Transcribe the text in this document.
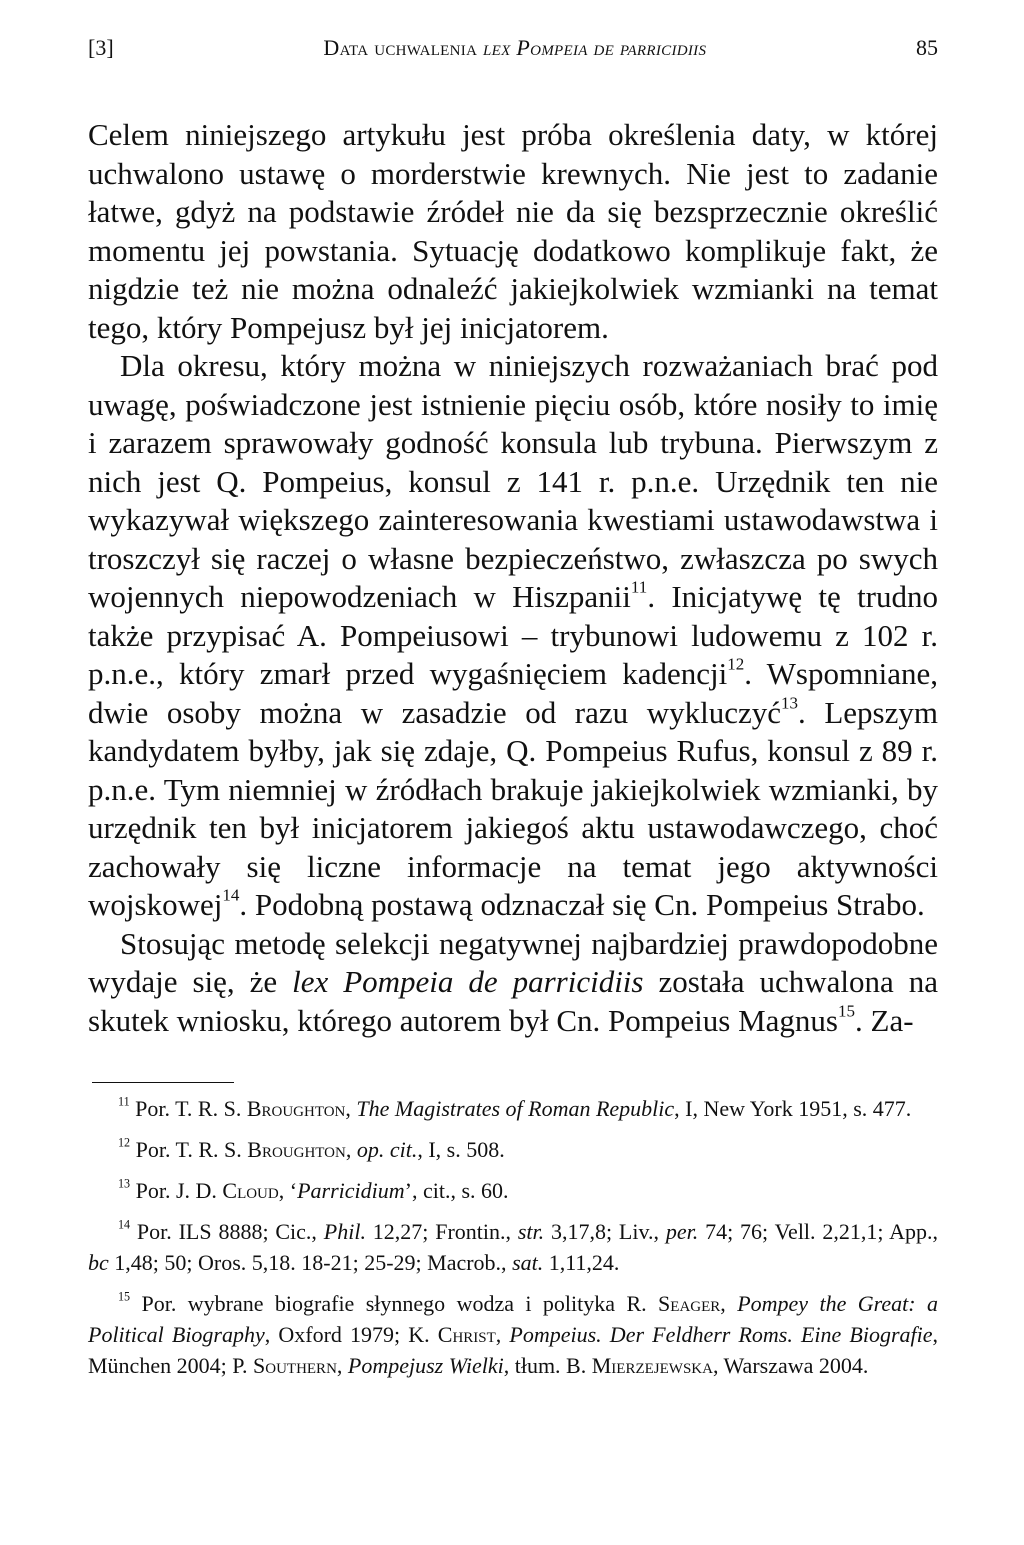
[3]	Data uchwalenia lex Pompeia de parricidiis	85

Celem niniejszego artykułu jest próba określenia daty, w której uchwalono ustawę o morderstwie krewnych. Nie jest to zadanie łatwe, gdyż na podstawie źródeł nie da się bezsprzecznie określić momentu jej powstania. Sytuację dodatkowo komplikuje fakt, że nigdzie też nie można odnaleźć jakiejkolwiek wzmianki na temat tego, który Pompejusz był jej inicjatorem.

Dla okresu, który można w niniejszych rozważaniach brać pod uwagę, poświadczone jest istnienie pięciu osób, które nosiły to imię i zarazem sprawowały godność konsula lub trybuna. Pierwszym z nich jest Q. Pompeius, konsul z 141 r. p.n.e. Urzędnik ten nie wykazywał większego zainteresowania kwestiami ustawodawstwa i troszczył się raczej o własne bezpieczeństwo, zwłaszcza po swych wojennych niepowodzeniach w Hiszpanii$^{11}$. Inicjatywę tę trudno także przypisać A. Pompeiusowi – trybunowi ludowemu z 102 r. p.n.e., który zmarł przed wygaśnięciem kadencji$^{12}$. Wspomniane, dwie osoby można w zasadzie od razu wykluczyć$^{13}$. Lepszym kandydatem byłby, jak się zdaje, Q. Pompeius Rufus, konsul z 89 r. p.n.e. Tym niemniej w źródłach brakuje jakiejkolwiek wzmianki, by urzędnik ten był inicjatorem jakiegoś aktu ustawodawczego, choć zachowały się liczne informacje na temat jego aktywności wojskowej$^{14}$. Podobną postawą odznaczał się Cn. Pompeius Strabo.

Stosując metodę selekcji negatywnej najbardziej prawdopodobne wydaje się, że lex Pompeia de parricidiis została uchwalona na skutek wniosku, którego autorem był Cn. Pompeius Magnus$^{15}$. Za-

$^{11}$ Por. T. R. S. Broughton, The Magistrates of Roman Republic, I, New York 1951, s. 477.

$^{12}$ Por. T. R. S. Broughton, op. cit., I, s. 508.

$^{13}$ Por. J. D. Cloud, ‘Parricidium’, cit., s. 60.

$^{14}$ Por. ILS 8888; Cic., Phil. 12,27; Frontin., str. 3,17,8; Liv., per. 74; 76; Vell. 2,21,1; App., bc 1,48; 50; Oros. 5,18. 18-21; 25-29; Macrob., sat. 1,11,24.

$^{15}$ Por. wybrane biografie słynnego wodza i polityka R. Seager, Pompey the Great: a Political Biography, Oxford 1979; K. Christ, Pompeius. Der Feldherr Roms. Eine Biografie, München 2004; P. Southern, Pompejusz Wielki, tłum. B. Mierzejewska, Warszawa 2004.
